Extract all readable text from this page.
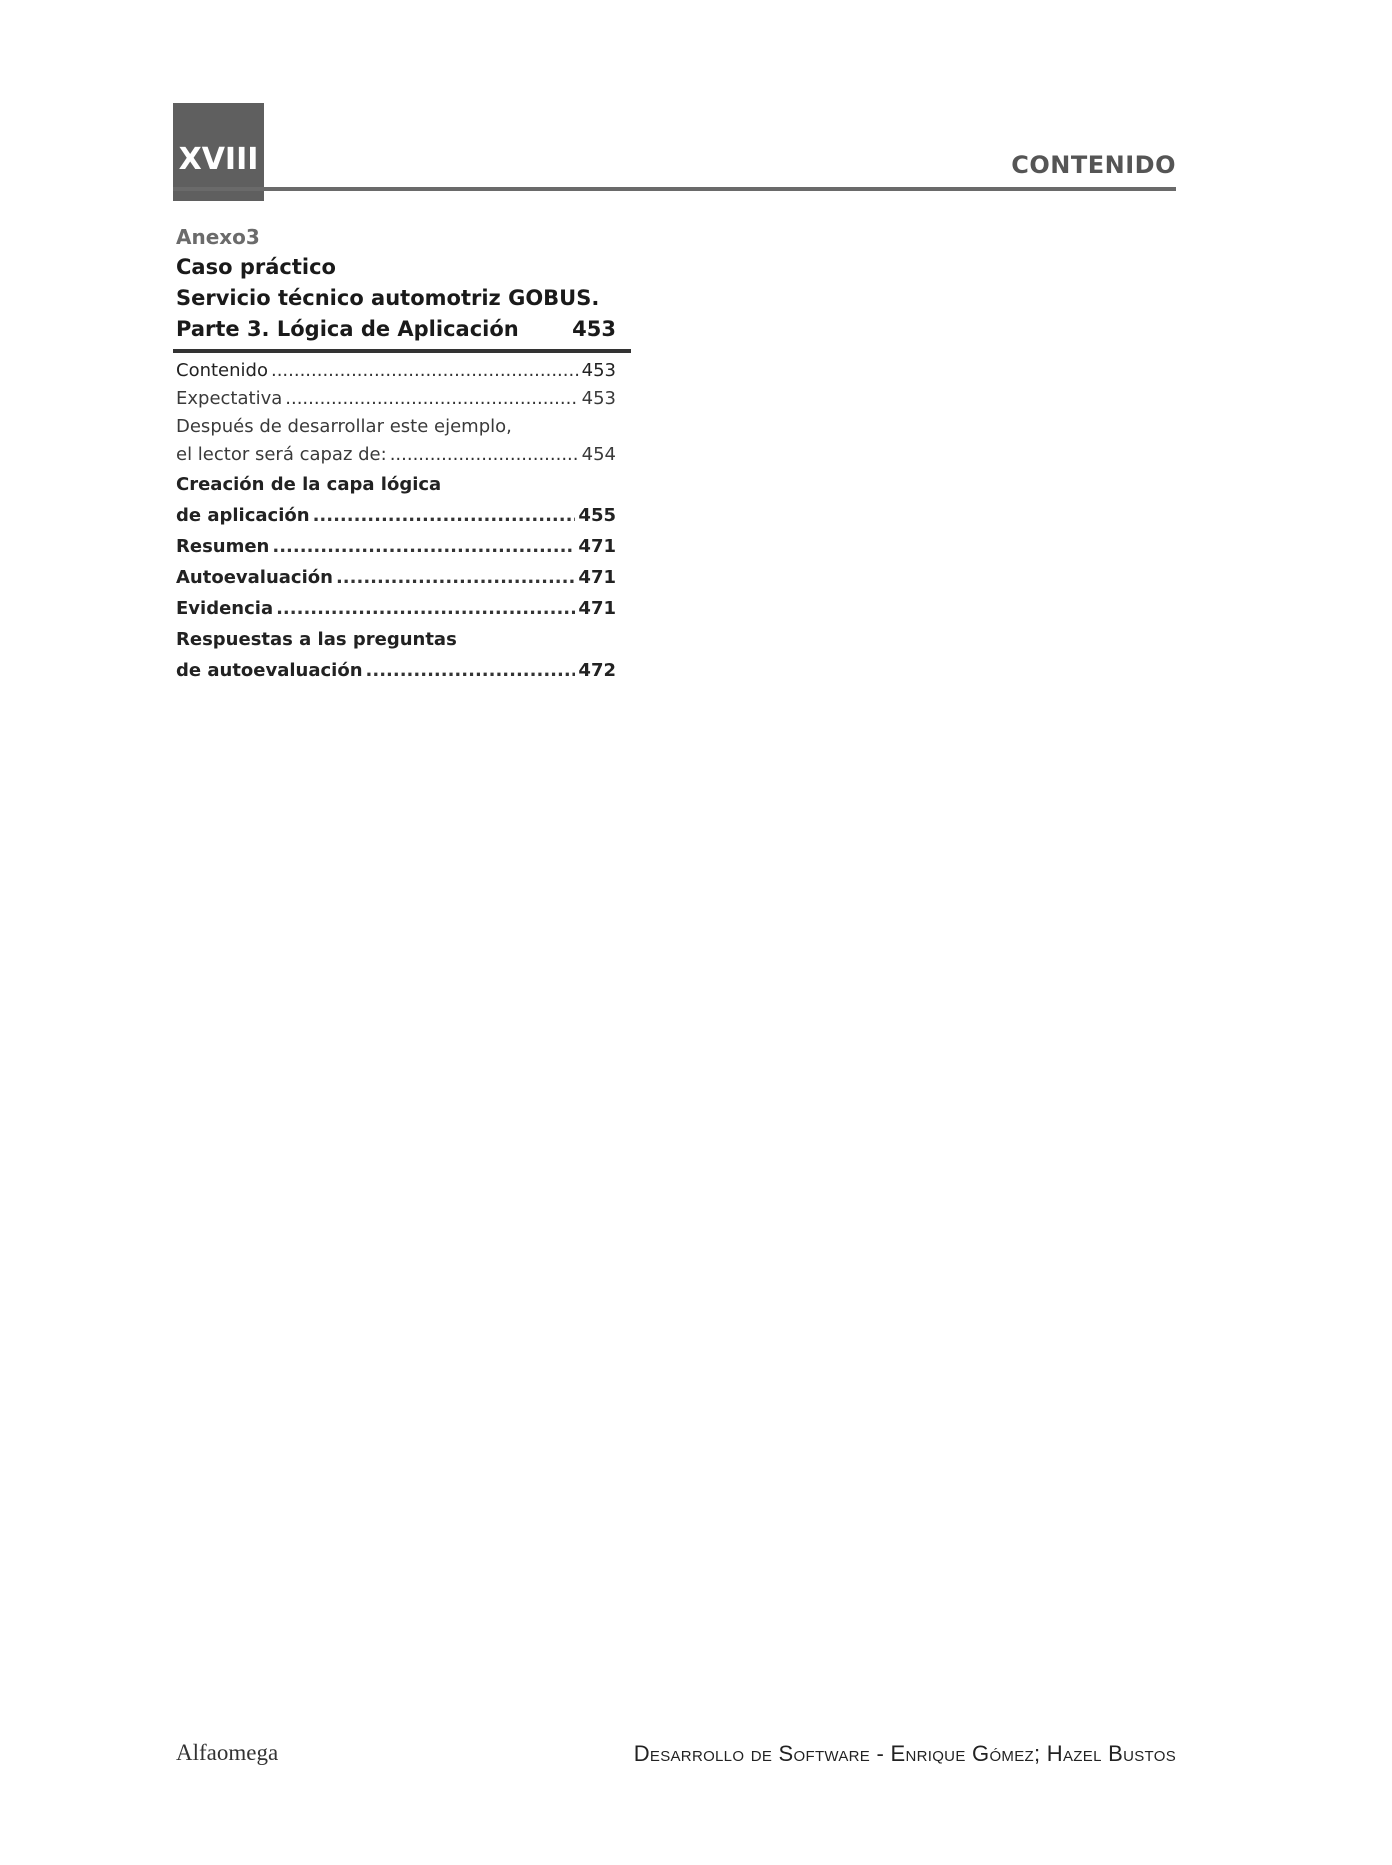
XVIII	CONTENIDO
Anexo3
Caso práctico
Servicio técnico automotriz GOBUS.
Parte 3. Lógica de Aplicación	453
Contenido .....	453
Expectativa .....	453
Después de desarrollar este ejemplo,
el lector será capaz de: .....	454
Creación de la capa lógica
de aplicación .....	455
Resumen .....	471
Autoevaluación .....	471
Evidencia .....	471
Respuestas a las preguntas
de autoevaluación .....	472
Alfaomega	Desarrollo de Software - Enrique Gómez; Hazel Bustos
